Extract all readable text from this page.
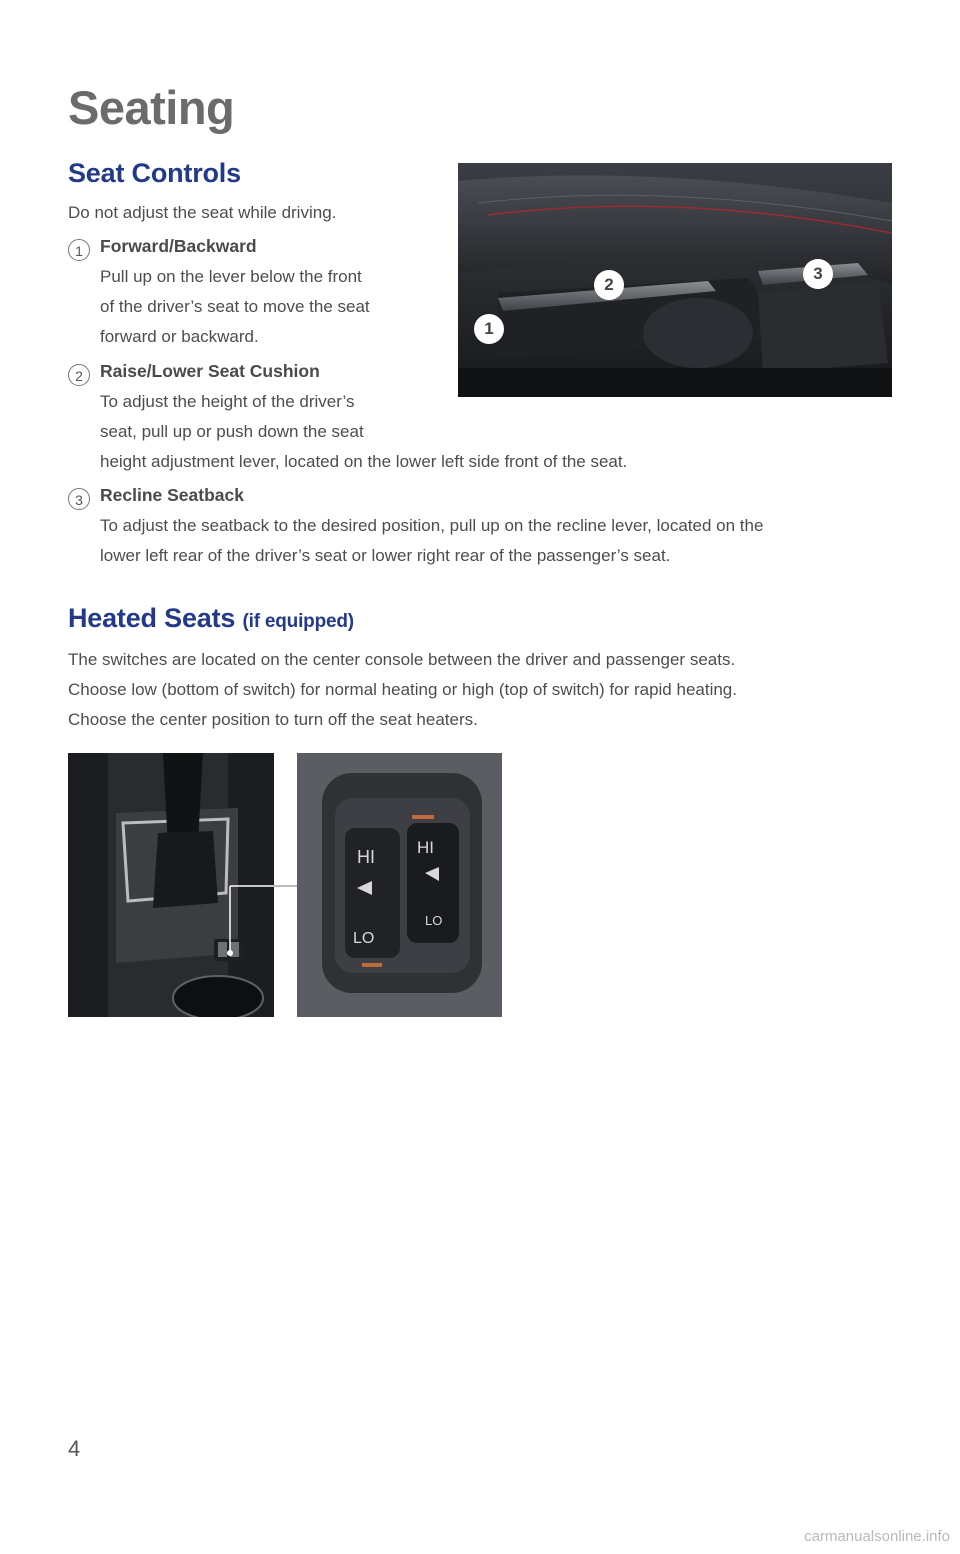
Seating
Seat Controls
Do not adjust the seat while driving.
1 Forward/Backward
Pull up on the lever below the front
of the driver’s seat to move the seat
forward or backward.
2 Raise/Lower Seat Cushion
To adjust the height of the driver’s
seat, pull up or push down the seat
height adjustment lever, located on the lower left side front of the seat.
3 Recline Seatback
To adjust the seatback to the desired position, pull up on the recline lever, located on the
lower left rear of the driver’s seat or lower right rear of the passenger’s seat.
1
2
3
Heated Seats (if equipped)
The switches are located on the center console between the driver and passenger seats.
Choose low (bottom of switch) for normal heating or high (top of switch) for rapid heating.
Choose the center position to turn off the seat heaters.
HI
LO
HI
LO
4
carmanualsonline.info
